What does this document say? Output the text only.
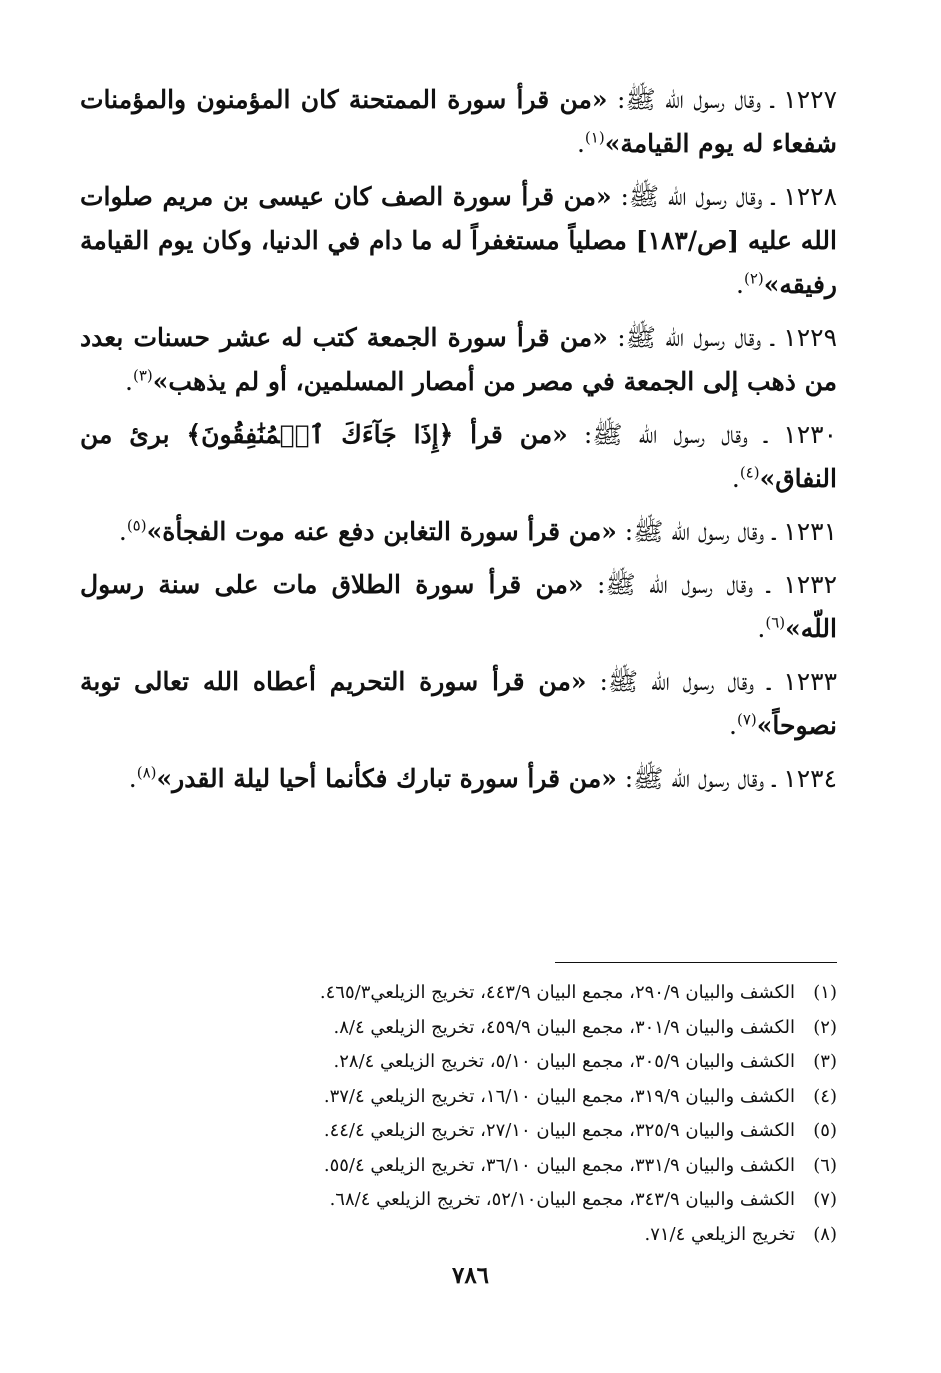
١٢٢٧ ـ وقال رسول اللّه ﷺ: «من قرأ سورة الممتحنة كان المؤمنون والمؤمنات شفعاء له يوم القيامة»$^{(١)}$.

١٢٢٨ ـ وقال رسول اللّه ﷺ: «من قرأ سورة الصف كان عيسى بن مريم صلوات الله عليه [ص/١٨٣] مصلياً مستغفراً له ما دام في الدنيا، وكان يوم القيامة رفيقه»$^{(٢)}$.

١٢٢٩ ـ وقال رسول اللّه ﷺ: «من قرأ سورة الجمعة كتب له عشر حسنات بعدد من ذهب إلى الجمعة في مصر من أمصار المسلمين، أو لم يذهب»$^{(٣)}$.

١٢٣٠ ـ وقال رسول اللّه ﷺ: «من قرأ ﴿إِذَا جَآءَكَ ٱلۡمُنَٰفِقُونَ﴾ برئ من النفاق»$^{(٤)}$.

١٢٣١ ـ وقال رسول اللّه ﷺ: «من قرأ سورة التغابن دفع عنه موت الفجأة»$^{(٥)}$.

١٢٣٢ ـ وقال رسول اللّه ﷺ: «من قرأ سورة الطلاق مات على سنة رسول اللّه»$^{(٦)}$.

١٢٣٣ ـ وقال رسول اللّه ﷺ: «من قرأ سورة التحريم أعطاه الله تعالى توبة نصوحاً»$^{(٧)}$.

١٢٣٤ ـ وقال رسول اللّه ﷺ: «من قرأ سورة تبارك فكأنما أحيا ليلة القدر»$^{(٨)}$.

(١)
الكشف والبيان ٢٩٠/٩، مجمع البيان ٤٤٣/٩، تخريج الزيلعي٤٦٥/٣.
(٢)
الكشف والبيان ٣٠١/٩، مجمع البيان ٤٥٩/٩، تخريج الزيلعي ٨/٤.
(٣)
الكشف والبيان ٣٠٥/٩، مجمع البيان ٥/١٠، تخريج الزيلعي ٢٨/٤.
(٤)
الكشف والبيان ٣١٩/٩، مجمع البيان ١٦/١٠، تخريج الزيلعي ٣٧/٤.
(٥)
الكشف والبيان ٣٢٥/٩، مجمع البيان ٢٧/١٠، تخريج الزيلعي ٤٤/٤.
(٦)
الكشف والبيان ٣٣١/٩، مجمع البيان ٣٦/١٠، تخريج الزيلعي ٥٥/٤.
(٧)
الكشف والبيان ٣٤٣/٩، مجمع البيان٥٢/١٠، تخريج الزيلعي ٦٨/٤.
(٨)
تخريج الزيلعي ٧١/٤.
٧٨٦
